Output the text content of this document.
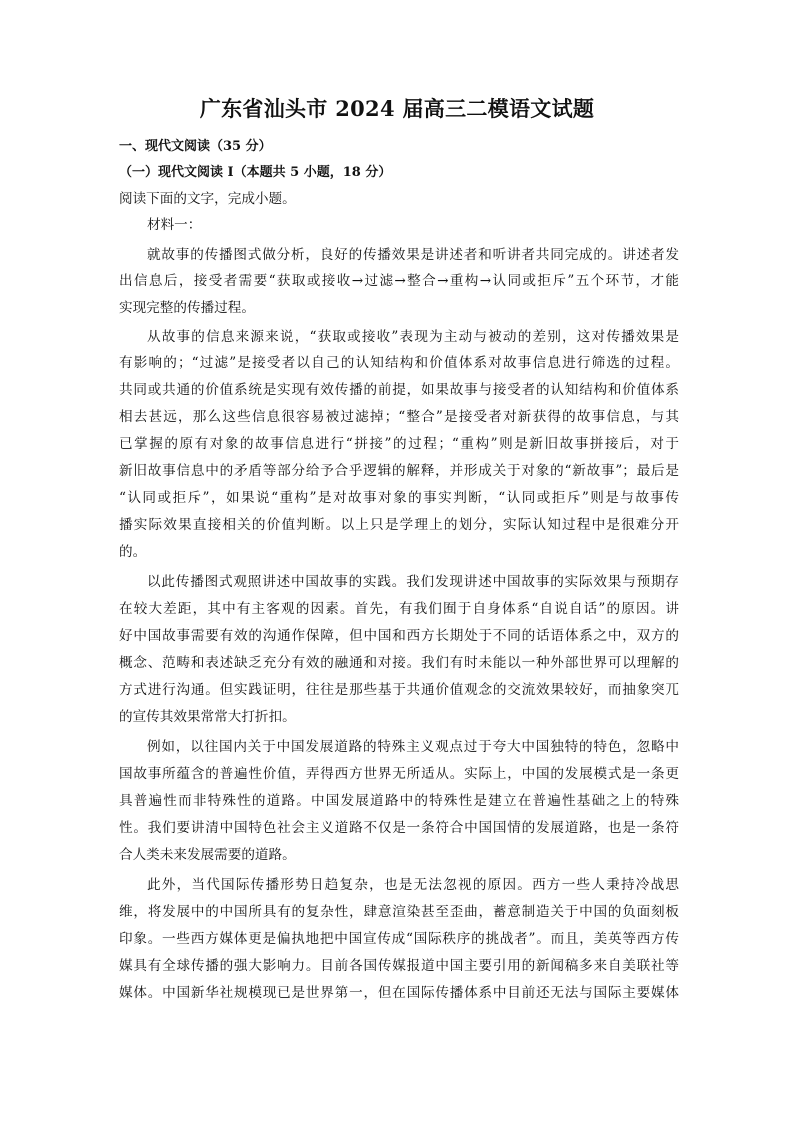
广东省汕头市 2024 届高三二模语文试题
一、现代文阅读（35 分）
（一）现代文阅读 I（本题共 5 小题，18 分）
阅读下面的文字，完成小题。
材料一：
就故事的传播图式做分析，良好的传播效果是讲述者和听讲者共同完成的。讲述者发
出信息后，接受者需要“获取或接收→过滤→整合→重构→认同或拒斥”五个环节，才能
实现完整的传播过程。
从故事的信息来源来说，“获取或接收”表现为主动与被动的差别，这对传播效果是
有影响的；“过滤”是接受者以自己的认知结构和价值体系对故事信息进行筛选的过程。
共同或共通的价值系统是实现有效传播的前提，如果故事与接受者的认知结构和价值体系
相去甚远，那么这些信息很容易被过滤掉；“整合”是接受者对新获得的故事信息，与其
已掌握的原有对象的故事信息进行“拼接”的过程；“重构”则是新旧故事拼接后，对于
新旧故事信息中的矛盾等部分给予合乎逻辑的解释，并形成关于对象的“新故事”；最后是
“认同或拒斥”，如果说“重构”是对故事对象的事实判断，“认同或拒斥”则是与故事传
播实际效果直接相关的价值判断。以上只是学理上的划分，实际认知过程中是很难分开
的。
以此传播图式观照讲述中国故事的实践。我们发现讲述中国故事的实际效果与预期存
在较大差距，其中有主客观的因素。首先，有我们囿于自身体系“自说自话”的原因。讲
好中国故事需要有效的沟通作保障，但中国和西方长期处于不同的话语体系之中，双方的
概念、范畴和表述缺乏充分有效的融通和对接。我们有时未能以一种外部世界可以理解的
方式进行沟通。但实践证明，往往是那些基于共通价值观念的交流效果较好，而抽象突兀
的宣传其效果常常大打折扣。
例如，以往国内关于中国发展道路的特殊主义观点过于夸大中国独特的特色，忽略中
国故事所蕴含的普遍性价值，弄得西方世界无所适从。实际上，中国的发展模式是一条更
具普遍性而非特殊性的道路。中国发展道路中的特殊性是建立在普遍性基础之上的特殊
性。我们要讲清中国特色社会主义道路不仅是一条符合中国国情的发展道路，也是一条符
合人类未来发展需要的道路。
此外，当代国际传播形势日趋复杂，也是无法忽视的原因。西方一些人秉持冷战思
维，将发展中的中国所具有的复杂性，肆意渲染甚至歪曲，蓄意制造关于中国的负面刻板
印象。一些西方媒体更是偏执地把中国宣传成“国际秩序的挑战者”。而且，美英等西方传
媒具有全球传播的强大影响力。目前各国传媒报道中国主要引用的新闻稿多来自美联社等
媒体。中国新华社规模现已是世界第一，但在国际传播体系中目前还无法与国际主要媒体
